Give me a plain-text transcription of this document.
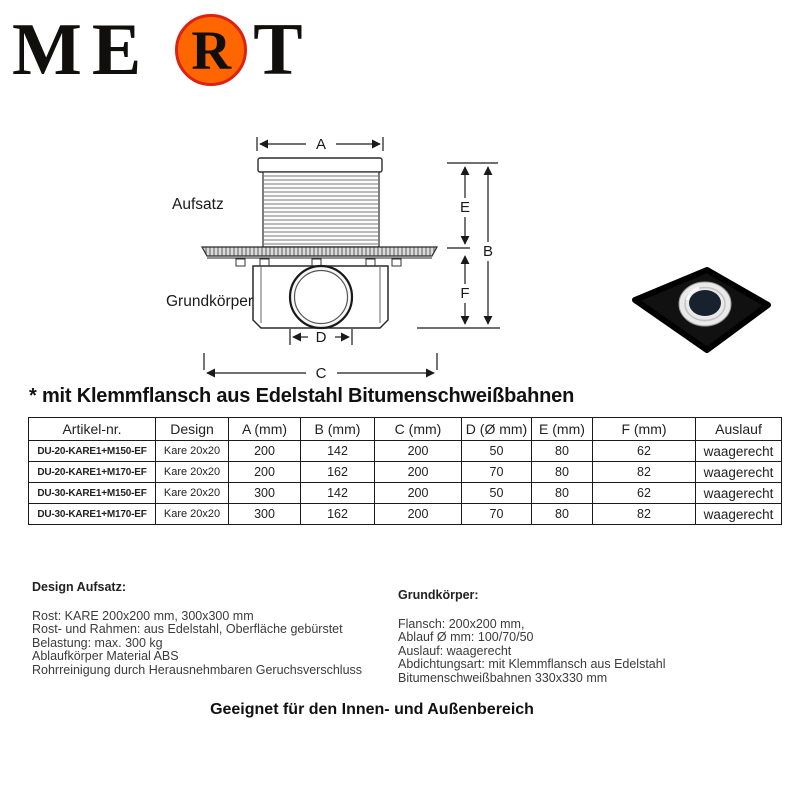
M E R T
A
D
C
E
B
F
Aufsatz
Grundkörper
* mit Klemmflansch aus Edelstahl Bitumenschweißbahnen
Artikel-nr.	Design	A (mm)	B (mm)	C (mm)	D (Ø mm)	E (mm)	F (mm)	Auslauf
DU-20-KARE1+M150-EF	Kare 20x20	200	142	200	50	80	62	waagerecht
DU-20-KARE1+M170-EF	Kare 20x20	200	162	200	70	80	82	waagerecht
DU-30-KARE1+M150-EF	Kare 20x20	300	142	200	50	80	62	waagerecht
DU-30-KARE1+M170-EF	Kare 20x20	300	162	200	70	80	82	waagerecht
Design Aufsatz:
Rost: KARE 200x200 mm, 300x300 mm
Rost- und Rahmen: aus Edelstahl, Oberfläche gebürstet
Belastung: max. 300 kg
Ablaufkörper Material ABS
Rohrreinigung durch Herausnehmbaren Geruchsverschluss
Grundkörper:
Flansch: 200x200 mm,
Ablauf Ø mm: 100/70/50
Auslauf: waagerecht
Abdichtungsart: mit Klemmflansch aus Edelstahl
Bitumenschweißbahnen 330x330 mm
Geeignet für den Innen- und Außenbereich
